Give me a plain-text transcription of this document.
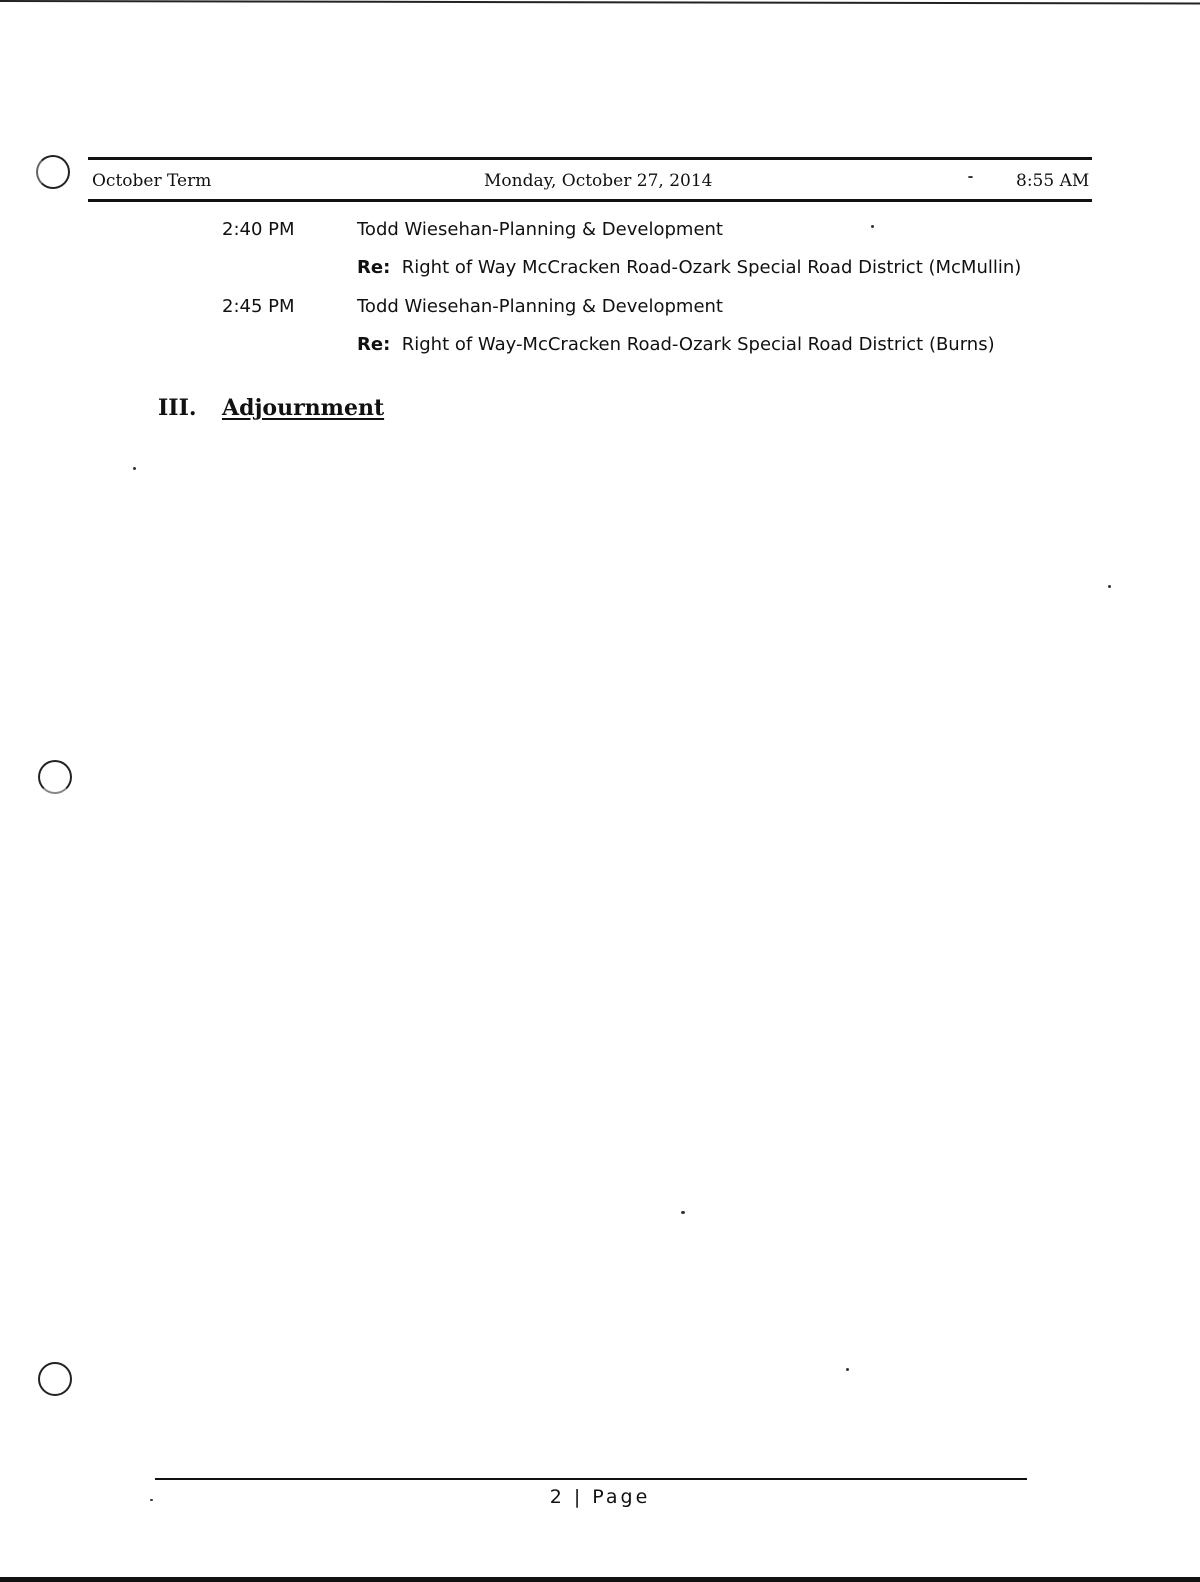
October Term	Monday, October 27, 2014	8:55 AM
2:40 PM	Todd Wiesehan-Planning & Development
Re: Right of Way McCracken Road-Ozark Special Road District (McMullin)
2:45 PM	Todd Wiesehan-Planning & Development
Re: Right of Way-McCracken Road-Ozark Special Road District (Burns)
III. Adjournment
2 | Page
